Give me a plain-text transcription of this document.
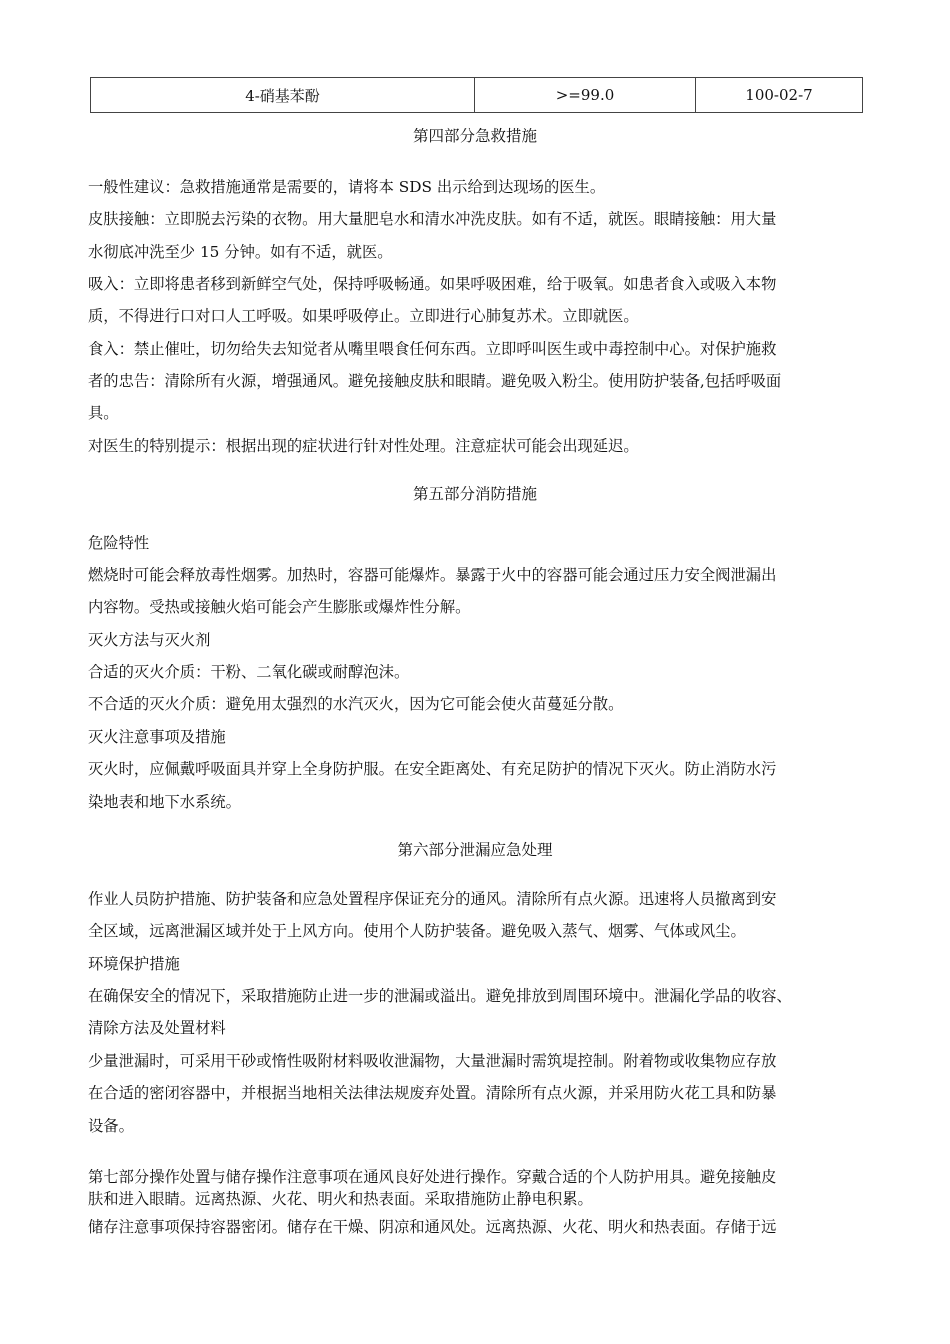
4-硝基苯酚	>=99.0	100-02-7
第四部分急救措施
一般性建议：急救措施通常是需要的，请将本 SDS 出示给到达现场的医生。
皮肤接触：立即脱去污染的衣物。用大量肥皂水和清水冲洗皮肤。如有不适，就医。眼睛接触：用大量
水彻底冲洗至少 15 分钟。如有不适，就医。
吸入：立即将患者移到新鲜空气处，保持呼吸畅通。如果呼吸困难，给于吸氧。如患者食入或吸入本物
质，不得进行口对口人工呼吸。如果呼吸停止。立即进行心肺复苏术。立即就医。
食入：禁止催吐，切勿给失去知觉者从嘴里喂食任何东西。立即呼叫医生或中毒控制中心。对保护施救
者的忠告：清除所有火源，增强通风。避免接触皮肤和眼睛。避免吸入粉尘。使用防护装备,包括呼吸面
具。
对医生的特别提示：根据出现的症状进行针对性处理。注意症状可能会出现延迟。
第五部分消防措施
危险特性
燃烧时可能会释放毒性烟雾。加热时，容器可能爆炸。暴露于火中的容器可能会通过压力安全阀泄漏出
内容物。受热或接触火焰可能会产生膨胀或爆炸性分解。
灭火方法与灭火剂
合适的灭火介质：干粉、二氧化碳或耐醇泡沫。
不合适的灭火介质：避免用太强烈的水汽灭火，因为它可能会使火苗蔓延分散。
灭火注意事项及措施
灭火时，应佩戴呼吸面具并穿上全身防护服。在安全距离处、有充足防护的情况下灭火。防止消防水污
染地表和地下水系统。
第六部分泄漏应急处理
作业人员防护措施、防护装备和应急处置程序保证充分的通风。清除所有点火源。迅速将人员撤离到安
全区域，远离泄漏区域并处于上风方向。使用个人防护装备。避免吸入蒸气、烟雾、气体或风尘。
环境保护措施
在确保安全的情况下，采取措施防止进一步的泄漏或溢出。避免排放到周围环境中。泄漏化学品的收容、
清除方法及处置材料
少量泄漏时，可采用干砂或惰性吸附材料吸收泄漏物，大量泄漏时需筑堤控制。附着物或收集物应存放
在合适的密闭容器中，并根据当地相关法律法规废弃处置。清除所有点火源，并采用防火花工具和防暴
设备。
第七部分操作处置与储存操作注意事项在通风良好处进行操作。穿戴合适的个人防护用具。避免接触皮
肤和进入眼睛。远离热源、火花、明火和热表面。采取措施防止静电积累。
储存注意事项保持容器密闭。储存在干燥、阴凉和通风处。远离热源、火花、明火和热表面。存储于远
